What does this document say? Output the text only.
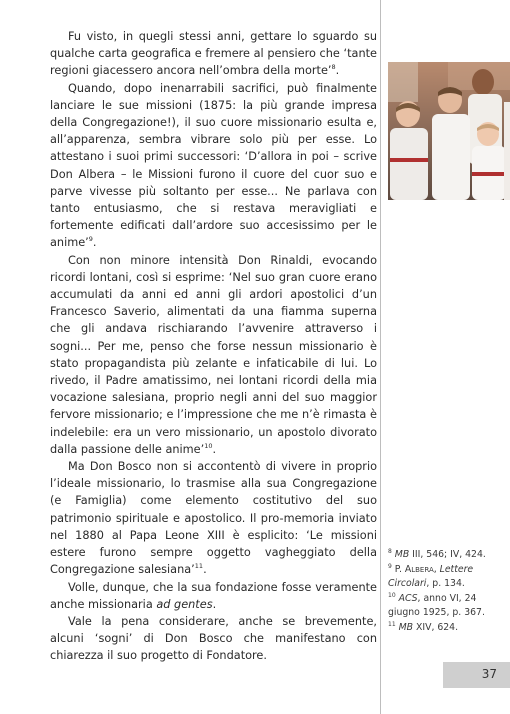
Fu visto, in quegli stessi anni, gettare lo sguardo su qualche carta geografica e fremere al pensiero che ‘tante regioni giacessero ancora nell’ombra della morte’$^8$.

Quando, dopo inenarrabili sacrifici, può finalmente lanciare le sue missioni (1875: la più grande impresa della Congregazione!), il suo cuore missionario esulta e, all’apparenza, sembra vibrare solo più per esse. Lo attestano i suoi primi successori: ‘D’allora in poi – scrive Don Albera – le Missioni furono il cuore del cuor suo e parve vivesse più soltanto per esse... Ne parlava con tanto entusiasmo, che si restava meravigliati e fortemente edificati dall’ardore suo accesissimo per le anime’$^9$.

Con non minore intensità Don Rinaldi, evocando ricordi lontani, così si esprime: ‘Nel suo gran cuore erano accumulati da anni ed anni gli ardori apostolici d’un Francesco Saverio, alimentati da una fiamma superna che gli andava rischiarando l’avvenire attraverso i sogni... Per me, penso che forse nessun missionario è stato propagandista più zelante e infaticabile di lui. Lo rivedo, il Padre amatissimo, nei lontani ricordi della mia vocazione salesiana, proprio negli anni del suo maggior fervore missionario; e l’impressione che me n’è rimasta è indelebile: era un vero missionario, un apostolo divorato dalla passione delle anime’$^{10}$.

Ma Don Bosco non si accontentò di vivere in proprio l’ideale missionario, lo trasmise alla sua Congregazione (e Famiglia) come elemento costitutivo del suo patrimonio spirituale e apostolico. Il pro-memoria inviato nel 1880 al Papa Leone XIII è esplicito: ‘Le missioni estere furono sempre oggetto vagheggiato della Congregazione salesiana’$^{11}$.

Volle, dunque, che la sua fondazione fosse veramente anche missionaria ad gentes.

Vale la pena considerare, anche se brevemente, alcuni ‘sogni’ di Don Bosco che manifestano con chiarezza il suo progetto di Fondatore.

$^8$ MB III, 546; IV, 424.
$^9$ P. Albera, Lettere Circolari, p. 134.
$^{10}$ ACS, anno VI, 24 giugno 1925, p. 367.
$^{11}$ MB XIV, 624.
37
